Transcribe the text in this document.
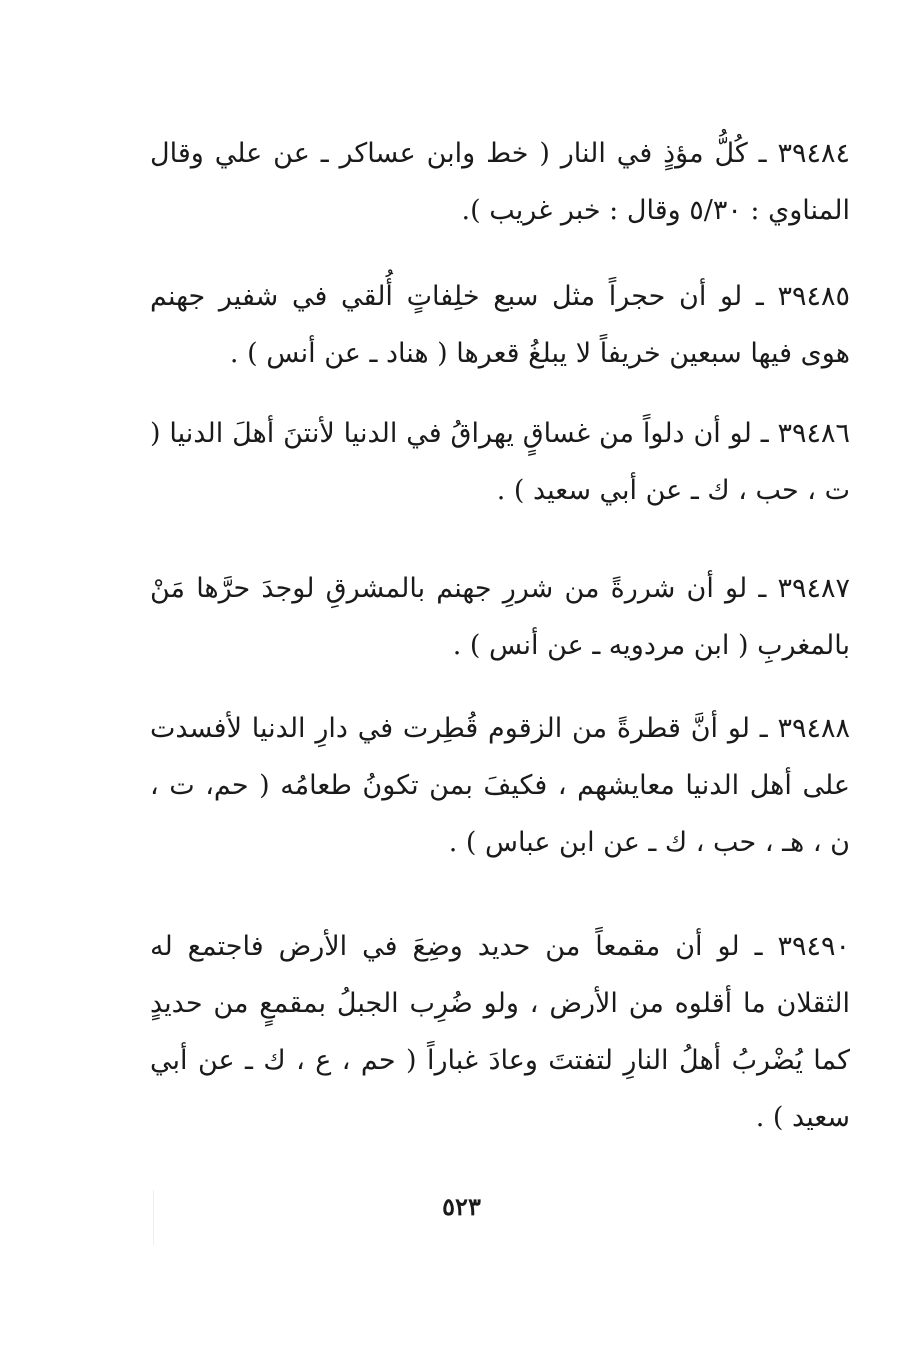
٣٩٤٨٤ ـ كُلُّ مؤذٍ في النار ( خط وابن عساكر ـ عن علي وقال المناوي : ٥/٣٠ وقال : خبر غريب ).

٣٩٤٨٥ ـ لو أن حجراً مثل سبع خلِفاتٍ أُلقي في شفير جهنم هوى فيها سبعين خريفاً لا يبلغُ قعرها ( هناد ـ عن أنس ) .

٣٩٤٨٦ ـ لو أن دلواً من غساقٍ يهراقُ في الدنيا لأنتنَ أهلَ الدنيا ( ت ، حب ، ك ـ عن أبي سعيد ) .

٣٩٤٨٧ ـ لو أن شررةً من شررِ جهنم بالمشرقِ لوجدَ حرَّها مَنْ بالمغربِ ( ابن مردويه ـ عن أنس ) .

٣٩٤٨٨ ـ لو أنَّ قطرةً من الزقوم قُطِرت في دارِ الدنيا لأفسدت على أهل الدنيا معايشهم ، فكيفَ بمن تكونُ طعامُه ( حم، ت ، ن ، هـ ، حب ، ك ـ عن ابن عباس ) .

٣٩٤٩٠ ـ لو أن مقمعاً من حديد وضِعَ في الأرض فاجتمع له الثقلان ما أقلوه من الأرض ، ولو ضُرِب الجبلُ بمقمعٍ من حديدٍ كما يُضْربُ أهلُ النارِ لتفتتَ وعادَ غباراً ( حم ، ع ، ك ـ عن أبي سعيد ) .

٥٢٣
